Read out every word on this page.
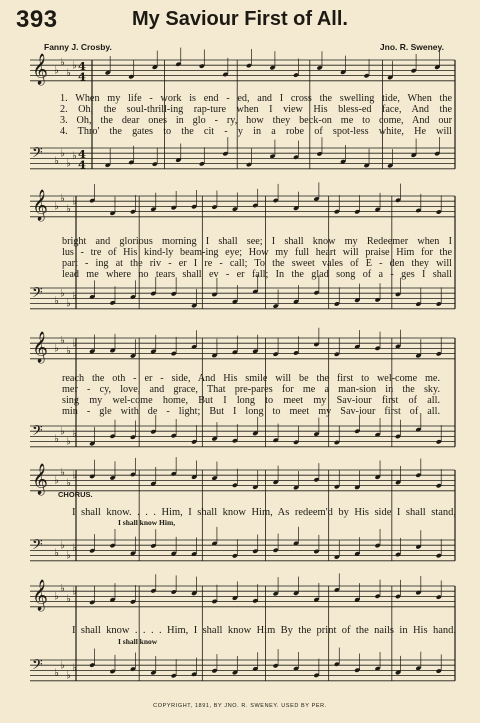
393	My Saviour First of All.
Fanny J. Crosby.	Jno. R. Sweney.
𝄞 ♭
♭
♭
♭
𝄢 ♭
♭
♭
♭
4
4
4
4
𝄞 ♭
♭
♭
♭
𝄢 ♭
♭
♭
♭
𝄞 ♭
♭
♭
♭
𝄢 ♭
♭
♭
♭
𝄞 ♭
♭
♭
♭
𝄢 ♭
♭
♭
♭
𝄞 ♭
♭
♭
♭
𝄢 ♭
♭
♭
♭
1. When my life - work is end - ed, and I cross the swelling tide, When the
2. Oh, the soul-thrill-ing rap-ture when I view His bless-ed face, And the
3. Oh, the dear ones in glo - ry, how they beck-on me to come, And our
4. Thro' the gates to the cit - y in a robe of spot-less white, He will
bright and glorious morning I shall see; I shall know my Redeemer when I
lus - tre of His kind-ly beam-ing eye; How my full heart will praise Him for the
part - ing at the riv - er I re - call; To the sweet vales of E - den they will
lead me where no tears shall ev - er fall; In the glad song of a - ges I shall
reach the oth - er - side, And His smile will be the first to wel-come me.
mer - cy, love, and grace, That pre-pares for me a man-sion in the sky.
sing my wel-come home, But I long to meet my Sav-iour first of all.
min - gle with de - light; But I long to meet my Sav-iour first of all.
CHORUS.
I shall know. . . . Him, I shall know Him, As redeem'd by His side I shall stand,
I shall know Him,
I shall know . . . . Him, I shall know Him By the print of the nails in His hand.
I shall know
COPYRIGHT, 1891, BY JNO. R. SWENEY. USED BY PER.
